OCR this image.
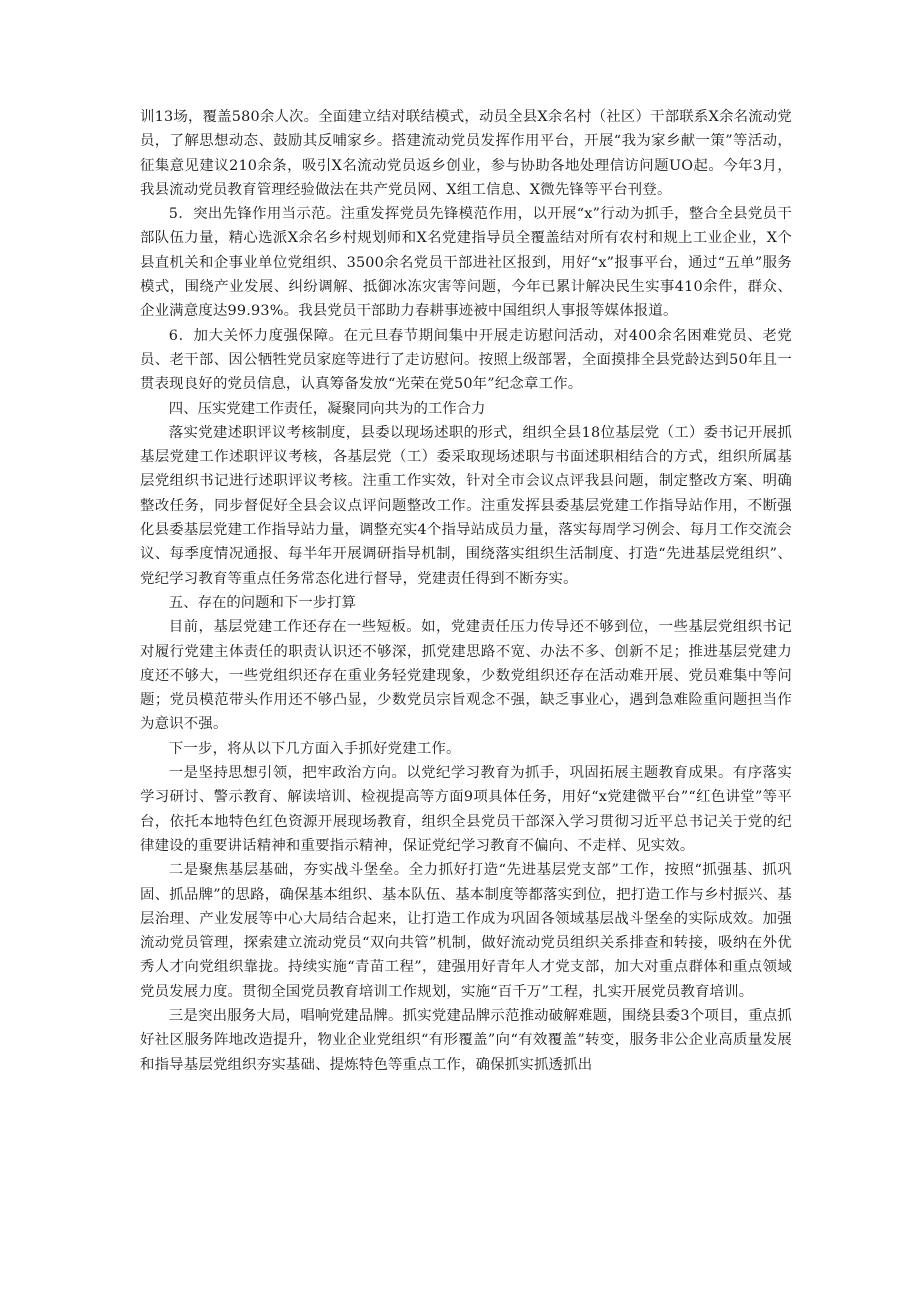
训13场，覆盖580余人次。全面建立结对联结模式，动员全县X余名村（社区）干部联系X余名流动党员，了解思想动态、鼓励其反哺家乡。搭建流动党员发挥作用平台，开展“我为家乡献一策”等活动，征集意见建议210余条，吸引X名流动党员返乡创业，参与协助各地处理信访问题UO起。今年3月，我县流动党员教育管理经验做法在共产党员网、X组工信息、X微先锋等平台刊登。

5．突出先锋作用当示范。注重发挥党员先锋模范作用，以开展“x”行动为抓手，整合全县党员干部队伍力量，精心选派X余名乡村规划师和X名党建指导员全覆盖结对所有农村和规上工业企业，X个县直机关和企事业单位党组织、3500余名党员干部进社区报到，用好“x”报事平台，通过“五单”服务模式，围绕产业发展、纠纷调解、抵御冰冻灾害等问题，今年已累计解决民生实事410余件，群众、企业满意度达99.93%。我县党员干部助力春耕事迹被中国组织人事报等媒体报道。

6．加大关怀力度强保障。在元旦春节期间集中开展走访慰问活动，对400余名困难党员、老党员、老干部、因公牺牲党员家庭等进行了走访慰问。按照上级部署，全面摸排全县党龄达到50年且一贯表现良好的党员信息，认真筹备发放“光荣在党50年”纪念章工作。

四、压实党建工作责任，凝聚同向共为的工作合力

落实党建述职评议考核制度，县委以现场述职的形式，组织全县18位基层党（工）委书记开展抓基层党建工作述职评议考核，各基层党（工）委采取现场述职与书面述职相结合的方式，组织所属基层党组织书记进行述职评议考核。注重工作实效，针对全市会议点评我县问题，制定整改方案、明确整改任务，同步督促好全县会议点评问题整改工作。注重发挥县委基层党建工作指导站作用，不断强化县委基层党建工作指导站力量，调整充实4个指导站成员力量，落实每周学习例会、每月工作交流会议、每季度情况通报、每半年开展调研指导机制，围绕落实组织生活制度、打造“先进基层党组织”、党纪学习教育等重点任务常态化进行督导，党建责任得到不断夯实。

五、存在的问题和下一步打算

目前，基层党建工作还存在一些短板。如，党建责任压力传导还不够到位，一些基层党组织书记对履行党建主体责任的职责认识还不够深，抓党建思路不宽、办法不多、创新不足；推进基层党建力度还不够大，一些党组织还存在重业务轻党建现象，少数党组织还存在活动难开展、党员难集中等问题；党员模范带头作用还不够凸显，少数党员宗旨观念不强，缺乏事业心，遇到急难险重问题担当作为意识不强。

下一步，将从以下几方面入手抓好党建工作。

一是坚持思想引领，把牢政治方向。以党纪学习教育为抓手，巩固拓展主题教育成果。有序落实学习研讨、警示教育、解读培训、检视提高等方面9项具体任务，用好“x党建微平台”“红色讲堂”等平台，依托本地特色红色资源开展现场教育，组织全县党员干部深入学习贯彻习近平总书记关于党的纪律建设的重要讲话精神和重要指示精神，保证党纪学习教育不偏向、不走样、见实效。

二是聚焦基层基础，夯实战斗堡垒。全力抓好打造“先进基层党支部”工作，按照“抓强基、抓巩固、抓品牌”的思路，确保基本组织、基本队伍、基本制度等都落实到位，把打造工作与乡村振兴、基层治理、产业发展等中心大局结合起来，让打造工作成为巩固各领域基层战斗堡垒的实际成效。加强流动党员管理，探索建立流动党员“双向共管”机制，做好流动党员组织关系排查和转接，吸纳在外优秀人才向党组织靠拢。持续实施“青苗工程”，建强用好青年人才党支部，加大对重点群体和重点领域党员发展力度。贯彻全国党员教育培训工作规划，实施“百千万”工程，扎实开展党员教育培训。

三是突出服务大局，唱响党建品牌。抓实党建品牌示范推动破解难题，围绕县委3个项目，重点抓好社区服务阵地改造提升，物业企业党组织“有形覆盖”向“有效覆盖”转变，服务非公企业高质量发展和指导基层党组织夯实基础、提炼特色等重点工作，确保抓实抓透抓出
